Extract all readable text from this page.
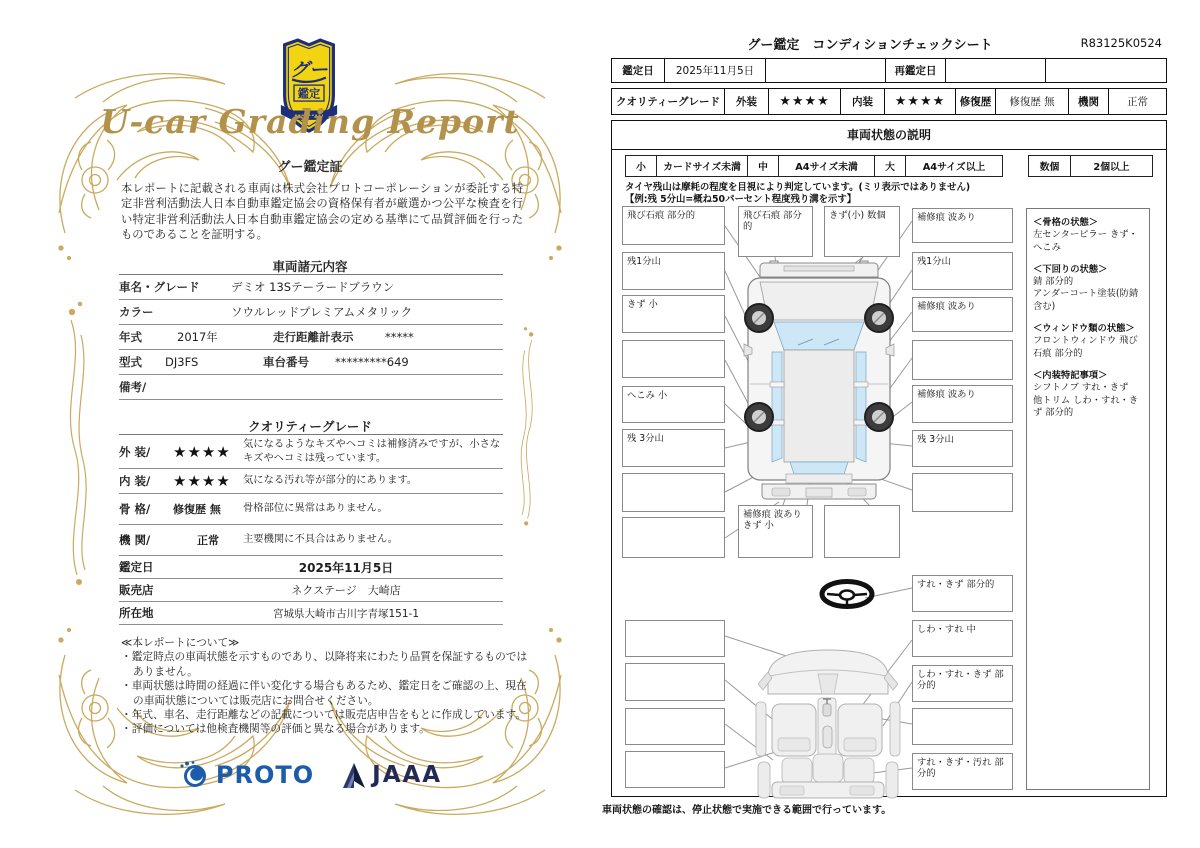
グー
鑑定
U-car Grading Report
グー鑑定証
本レポートに記載される車両は株式会社プロトコーポレーションが委託する特定非営利活動法人日本自動車鑑定協会の資格保有者が厳選かつ公平な検査を行い特定非営利活動法人日本自動車鑑定協会の定める基準にて品質評価を行ったものであることを証明する。
車両諸元内容
車名・グレード	デミオ 13Sテーラードブラウン
カラー	ソウルレッドプレミアムメタリック
年式	2017年	走行距離計表示	*****
型式	DJ3FS	車台番号	*********649
備考/
クオリティーグレード
外 装/	★★★★	気になるようなキズやヘコミは補修済みですが、小さなキズやヘコミは残っています。
内 装/	★★★★	気になる汚れ等が部分的にあります。
骨 格/	修復歴 無	骨格部位に異常はありません。
機 関/	正常	主要機関に不具合はありません。
鑑定日	2025年11月5日
販売店	ネクステージ　大崎店
所在地	宮城県大崎市古川字青塚151-1
≪本レポートについて≫
・鑑定時点の車両状態を示すものであり、以降将来にわたり品質を保証するものではありません。
・車両状態は時間の経過に伴い変化する場合もあるため、鑑定日をご確認の上、現在の車両状態については販売店にお問合せください。
・年式、車名、走行距離などの記載については販売店申告をもとに作成しています。
・評価については他検査機関等の評価と異なる場合があります。
PROTO	JAAA
グー鑑定　コンディションチェックシート	R83125K0524
鑑定日	2025年11月5日	再鑑定日
クオリティーグレード	外装	★★★★	内装	★★★★	修復歴	修復歴 無	機関	正常
車両状態の説明
小	カードサイズ未満	中	A4サイズ未満	大	A4サイズ以上	数個	2個以上
タイヤ残山は摩耗の程度を目視により判定しています。(ミリ表示ではありません)
【例:残 5分山=概ね50パーセント程度残り溝を示す】
飛び石痕 部分的
残1分山
きず 小
へこみ 小
残 3分山
飛び石痕 部分的
きず(小) 数個
補修痕 波あり
きず 小
補修痕 波あり
残1分山
補修痕 波あり
補修痕 波あり
残 3分山
＜骨格の状態＞
左センターピラー きず・へこみ
＜下回りの状態＞
錆 部分的
アンダーコート塗装(防錆含む)
＜ウィンドウ類の状態＞
フロントウィンドウ 飛び石痕 部分的
＜内装特記事項＞
シフトノブ すれ・きず
他トリム しわ・すれ・きず 部分的
すれ・きず 部分的
しわ・すれ 中
しわ・すれ・きず 部分的
すれ・きず・汚れ 部分的
車両状態の確認は、停止状態で実施できる範囲で行っています。
